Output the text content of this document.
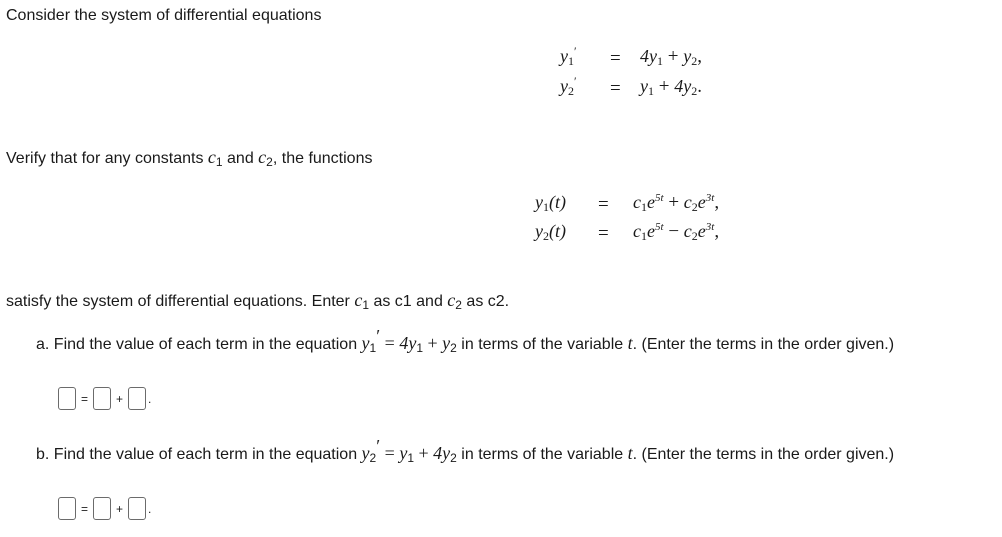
Consider the system of differential equations
$y_1' = 4y_1 + y_2$,
$y_2' = y_1 + 4y_2$.
Verify that for any constants $c_1$ and $c_2$, the functions
$y_1(t) = c_1e^{5t} + c_2e^{3t}$,
$y_2(t) = c_1e^{5t} - c_2e^{3t}$,
satisfy the system of differential equations. Enter $c_1$ as c1 and $c_2$ as c2.
a. Find the value of each term in the equation $y_1' = 4y_1 + y_2$ in terms of the variable t. (Enter the terms in the order given.)
= + .
b. Find the value of each term in the equation $y_2' = y_1 + 4y_2$ in terms of the variable t. (Enter the terms in the order given.)
= + .
